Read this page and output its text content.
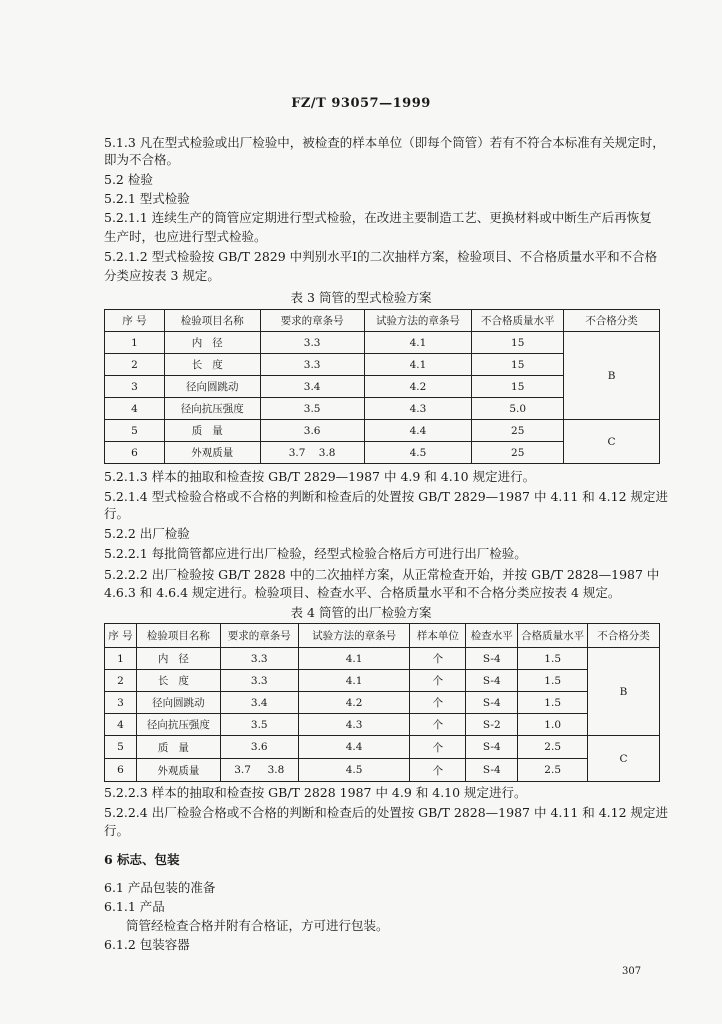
FZ/T 93057—1999
5.1.3 凡在型式检验或出厂检验中，被检查的样本单位（即每个筒管）若有不符合本标准有关规定时，
即为不合格。
5.2 检验
5.2.1 型式检验
5.2.1.1 连续生产的筒管应定期进行型式检验，在改进主要制造工艺、更换材料或中断生产后再恢复
生产时，也应进行型式检验。
5.2.1.2 型式检验按 GB/T 2829 中判别水平Ⅰ的二次抽样方案，检验项目、不合格质量水平和不合格
分类应按表 3 规定。
表 3 筒管的型式检验方案
序 号	检验项目名称	要求的章条号	试验方法的章条号	不合格质量水平	不合格分类
1	内径	3.3	4.1	15	B
2	长度	3.3	4.1	15	
3	径向圆跳动	3.4	4.2	15	
4	径向抗压强度	3.5	4.3	5.0	
5	质量	3.6	4.4	25	C
6	外观质量	3.7    3.8	4.5	25	
5.2.1.3 样本的抽取和检查按 GB/T 2829—1987 中 4.9 和 4.10 规定进行。
5.2.1.4 型式检验合格或不合格的判断和检查后的处置按 GB/T 2829—1987 中 4.11 和 4.12 规定进
行。
5.2.2 出厂检验
5.2.2.1 每批筒管都应进行出厂检验，经型式检验合格后方可进行出厂检验。
5.2.2.2 出厂检验按 GB/T 2828 中的二次抽样方案，从正常检查开始，并按 GB/T 2828—1987 中
4.6.3 和 4.6.4 规定进行。检验项目、检查水平、合格质量水平和不合格分类应按表 4 规定。
表 4 筒管的出厂检验方案
序 号	检验项目名称	要求的章条号	试验方法的章条号	样本单位	检查水平	合格质量水平	不合格分类
1	内径	3.3	4.1	个	S-4	1.5	B
2	长度	3.3	4.1	个	S-4	1.5	
3	径向圆跳动	3.4	4.2	个	S-4	1.5	
4	径向抗压强度	3.5	4.3	个	S-2	1.0	
5	质量	3.6	4.4	个	S-4	2.5	C
6	外观质量	3.7     3.8	4.5	个	S-4	2.5	
5.2.2.3 样本的抽取和检查按 GB/T 2828 1987 中 4.9 和 4.10 规定进行。
5.2.2.4 出厂检验合格或不合格的判断和检查后的处置按 GB/T 2828—1987 中 4.11 和 4.12 规定进
行。
6 标志、包装
6.1 产品包装的准备
6.1.1 产品
筒管经检查合格并附有合格证，方可进行包装。
6.1.2 包装容器
307
